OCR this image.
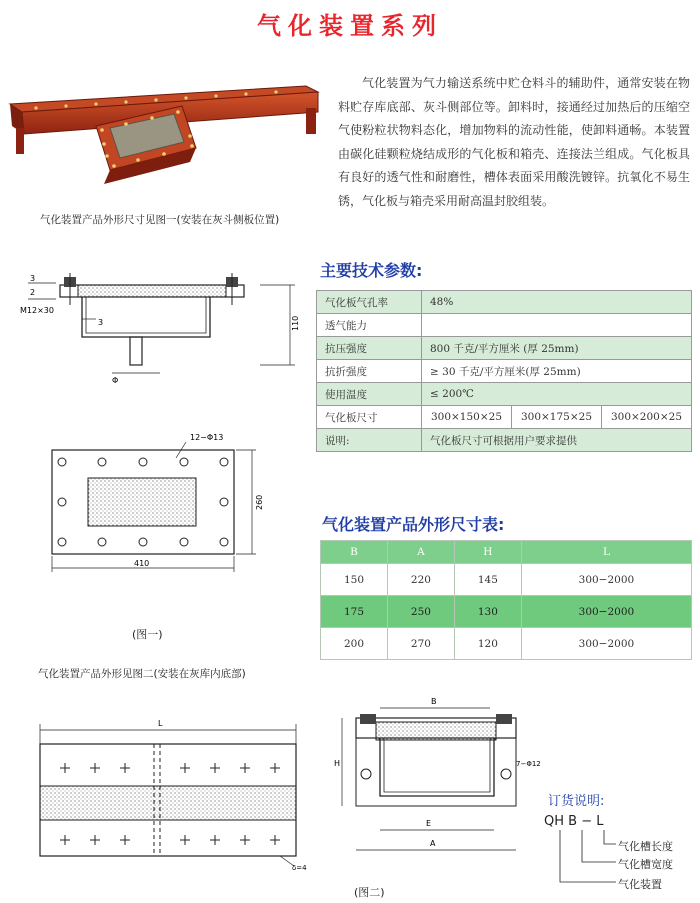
气化装置系列
气化装置产品外形尺寸见图一(安装在灰斗侧板位置)
气化装置为气力输送系统中贮仓料斗的辅助件，通常安装在物料贮存库底部、灰斗侧部位等。卸料时，接通经过加热后的压缩空气使粉粒状物料态化，增加物料的流动性能，使卸料通畅。本装置由碳化硅颗粒烧结成形的气化板和箱壳、连接法兰组成。气化板具有良好的透气性和耐磨性，槽体表面采用酸洗镀锌。抗氧化不易生锈，气化板与箱壳采用耐高温封胶组装。
3
2
M12×30
3	110
Φ
12−Φ13
260
410
(图一)
气化装置产品外形见图二(安装在灰库内底部)
L
δ=4
B
H	7−Φ12
E
A
(图二)
主要技术参数:
气化板气孔率	48%		
透气能力			
抗压强度	800 千克/平方厘米 (厚 25mm)		
抗折强度	≥ 30 千克/平方厘米(厚 25mm)		
使用温度	≤ 200℃		
气化板尺寸	300×150×25	300×175×25	300×200×25
说明:	气化板尺寸可根据用户要求提供		
气化装置产品外形尺寸表:
B	A	H	L
150	220	145	300−2000
175	250	130	300−2000
200	270	120	300−2000
订货说明:
QH B − L
气化槽长度
气化槽宽度
气化装置
